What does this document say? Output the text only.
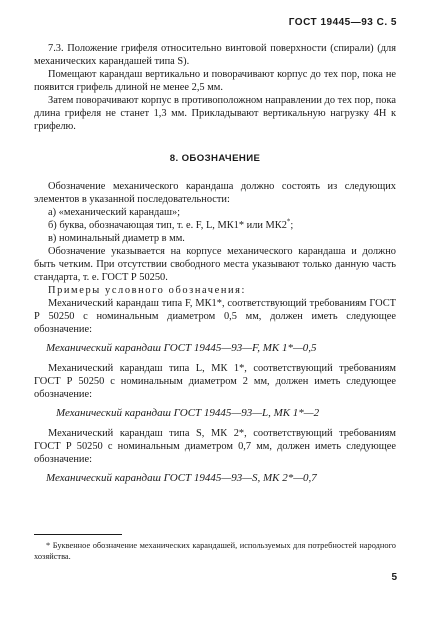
ГОСТ 19445—93 С. 5

7.3. Положение грифеля относительно винтовой поверхности (спирали) (для механических карандашей типа S).

Помещают карандаш вертикально и поворачивают корпус до тех пор, пока не появится грифель длиной не менее 2,5 мм.

Затем поворачивают корпус в противоположном направлении до тех пор, пока длина грифеля не станет 1,3 мм. Прикладывают вертикальную нагрузку 4Н к грифелю.

8. ОБОЗНАЧЕНИЕ

Обозначение механического карандаша должно состоять из следующих элементов в указанной последовательности:

а) «механический карандаш»;

б) буква, обозначающая тип, т. е. F, L, МК1* или МК2*;

в) номинальный диаметр в мм.

Обозначение указывается на корпусе механического карандаша и должно быть четким. При отсутствии свободного места указывают только данную часть стандарта, т. е. ГОСТ Р 50250.

Примеры условного обозначения:

Механический карандаш типа F, МК1*, соответствующий требованиям ГОСТ Р 50250 с номинальным диаметром 0,5 мм, должен иметь следующее обозначение:

Механический карандаш ГОСТ 19445—93—F, МК 1*—0,5

Механический карандаш типа L, МК 1*, соответствующий требованиям ГОСТ Р 50250 с номинальным диаметром 2 мм, должен иметь следующее обозначение:

Механический карандаш ГОСТ 19445—93—L, МК 1*—2

Механический карандаш типа S, МК 2*, соответствующий требованиям ГОСТ Р 50250 с номинальным диаметром 0,7 мм, должен иметь следующее обозначение:

Механический карандаш ГОСТ 19445—93—S, МК 2*—0,7

* Буквенное обозначение механических карандашей, используемых для потребностей народного хозяйства.

5
